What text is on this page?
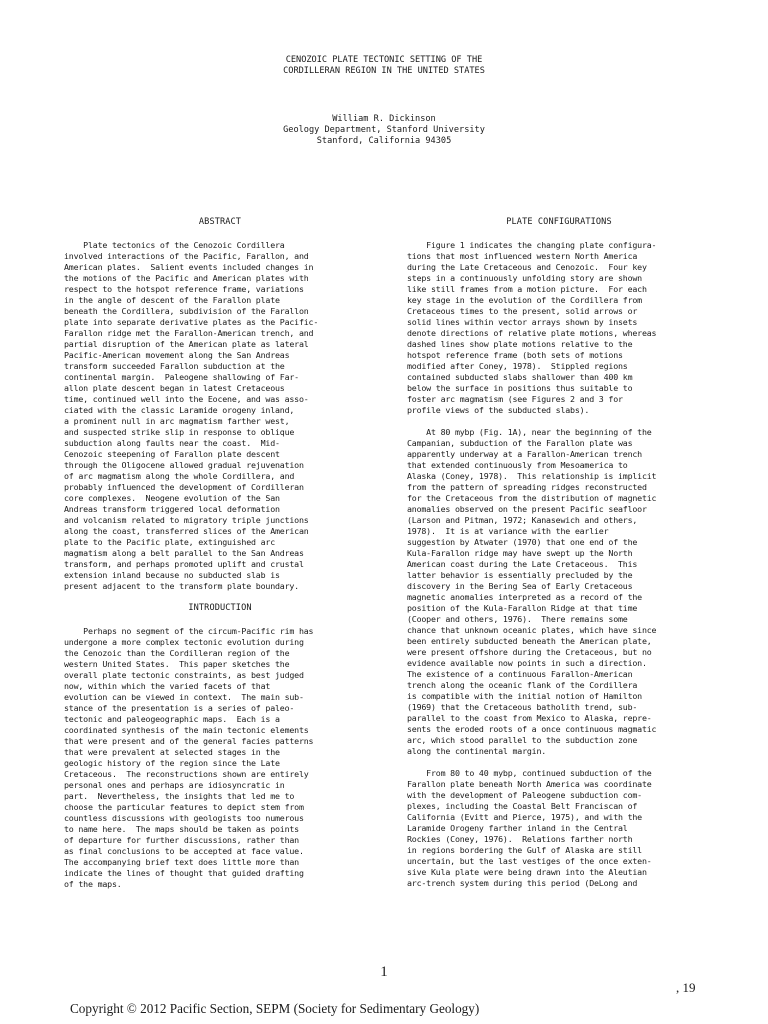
CENOZOIC PLATE TECTONIC SETTING OF THE
CORDILLERAN REGION IN THE UNITED STATES
William R. Dickinson
Geology Department, Stanford University
Stanford, California 94305
ABSTRACT

Plate tectonics of the Cenozoic Cordillera

involved interactions of the Pacific, Farallon, and

American plates.  Salient events included changes in

the motions of the Pacific and American plates with

respect to the hotspot reference frame, variations

in the angle of descent of the Farallon plate

beneath the Cordillera, subdivision of the Farallon

plate into separate derivative plates as the Pacific-

Farallon ridge met the Farallon-American trench, and

partial disruption of the American plate as lateral

Pacific-American movement along the San Andreas

transform succeeded Farallon subduction at the

continental margin.  Paleogene shallowing of Far-

allon plate descent began in latest Cretaceous

time, continued well into the Eocene, and was asso-

ciated with the classic Laramide orogeny inland,

a prominent null in arc magmatism farther west,

and suspected strike slip in response to oblique

subduction along faults near the coast.  Mid-

Cenozoic steepening of Farallon plate descent

through the Oligocene allowed gradual rejuvenation

of arc magmatism along the whole Cordillera, and

probably influenced the development of Cordilleran

core complexes.  Neogene evolution of the San

Andreas transform triggered local deformation

and volcanism related to migratory triple junctions

along the coast, transferred slices of the American

plate to the Pacific plate, extinguished arc

magmatism along a belt parallel to the San Andreas

transform, and perhaps promoted uplift and crustal

extension inland because no subducted slab is

present adjacent to the transform plate boundary.

INTRODUCTION

Perhaps no segment of the circum-Pacific rim has

undergone a more complex tectonic evolution during

the Cenozoic than the Cordilleran region of the

western United States.  This paper sketches the

overall plate tectonic constraints, as best judged

now, within which the varied facets of that

evolution can be viewed in context.  The main sub-

stance of the presentation is a series of paleo-

tectonic and paleogeographic maps.  Each is a

coordinated synthesis of the main tectonic elements

that were present and of the general facies patterns

that were prevalent at selected stages in the

geologic history of the region since the Late

Cretaceous.  The reconstructions shown are entirely

personal ones and perhaps are idiosyncratic in

part.  Nevertheless, the insights that led me to

choose the particular features to depict stem from

countless discussions with geologists too numerous

to name here.  The maps should be taken as points

of departure for further discussions, rather than

as final conclusions to be accepted at face value.

The accompanying brief text does little more than

indicate the lines of thought that guided drafting

of the maps.

PLATE CONFIGURATIONS

Figure 1 indicates the changing plate configura-

tions that most influenced western North America

during the Late Cretaceous and Cenozoic.  Four key

steps in a continuously unfolding story are shown

like still frames from a motion picture.  For each

key stage in the evolution of the Cordillera from

Cretaceous times to the present, solid arrows or

solid lines within vector arrays shown by insets

denote directions of relative plate motions, whereas

dashed lines show plate motions relative to the

hotspot reference frame (both sets of motions

modified after Coney, 1978).  Stippled regions

contained subducted slabs shallower than 400 km

below the surface in positions thus suitable to

foster arc magmatism (see Figures 2 and 3 for

profile views of the subducted slabs).

At 80 mybp (Fig. 1A), near the beginning of the

Campanian, subduction of the Farallon plate was

apparently underway at a Farallon-American trench

that extended continuously from Mesoamerica to

Alaska (Coney, 1978).  This relationship is implicit

from the pattern of spreading ridges reconstructed

for the Cretaceous from the distribution of magnetic

anomalies observed on the present Pacific seafloor

(Larson and Pitman, 1972; Kanasewich and others,

1978).  It is at variance with the earlier

suggestion by Atwater (1970) that one end of the

Kula-Farallon ridge may have swept up the North

American coast during the Late Cretaceous.  This

latter behavior is essentially precluded by the

discovery in the Bering Sea of Early Cretaceous

magnetic anomalies interpreted as a record of the

position of the Kula-Farallon Ridge at that time

(Cooper and others, 1976).  There remains some

chance that unknown oceanic plates, which have since

been entirely subducted beneath the American plate,

were present offshore during the Cretaceous, but no

evidence available now points in such a direction.

The existence of a continuous Farallon-American

trench along the oceanic flank of the Cordillera

is compatible with the initial notion of Hamilton

(1969) that the Cretaceous batholith trend, sub-

parallel to the coast from Mexico to Alaska, repre-

sents the eroded roots of a once continuous magmatic

arc, which stood parallel to the subduction zone

along the continental margin.

From 80 to 40 mybp, continued subduction of the

Farallon plate beneath North America was coordinate

with the development of Paleogene subduction com-

plexes, including the Coastal Belt Franciscan of

California (Evitt and Pierce, 1975), and with the

Laramide Orogeny farther inland in the Central

Rockies (Coney, 1976).  Relations farther north

in regions bordering the Gulf of Alaska are still

uncertain, but the last vestiges of the once exten-

sive Kula plate were being drawn into the Aleutian

arc-trench system during this period (DeLong and

1
, 19
Copyright © 2012 Pacific Section, SEPM (Society for Sedimentary Geology)
